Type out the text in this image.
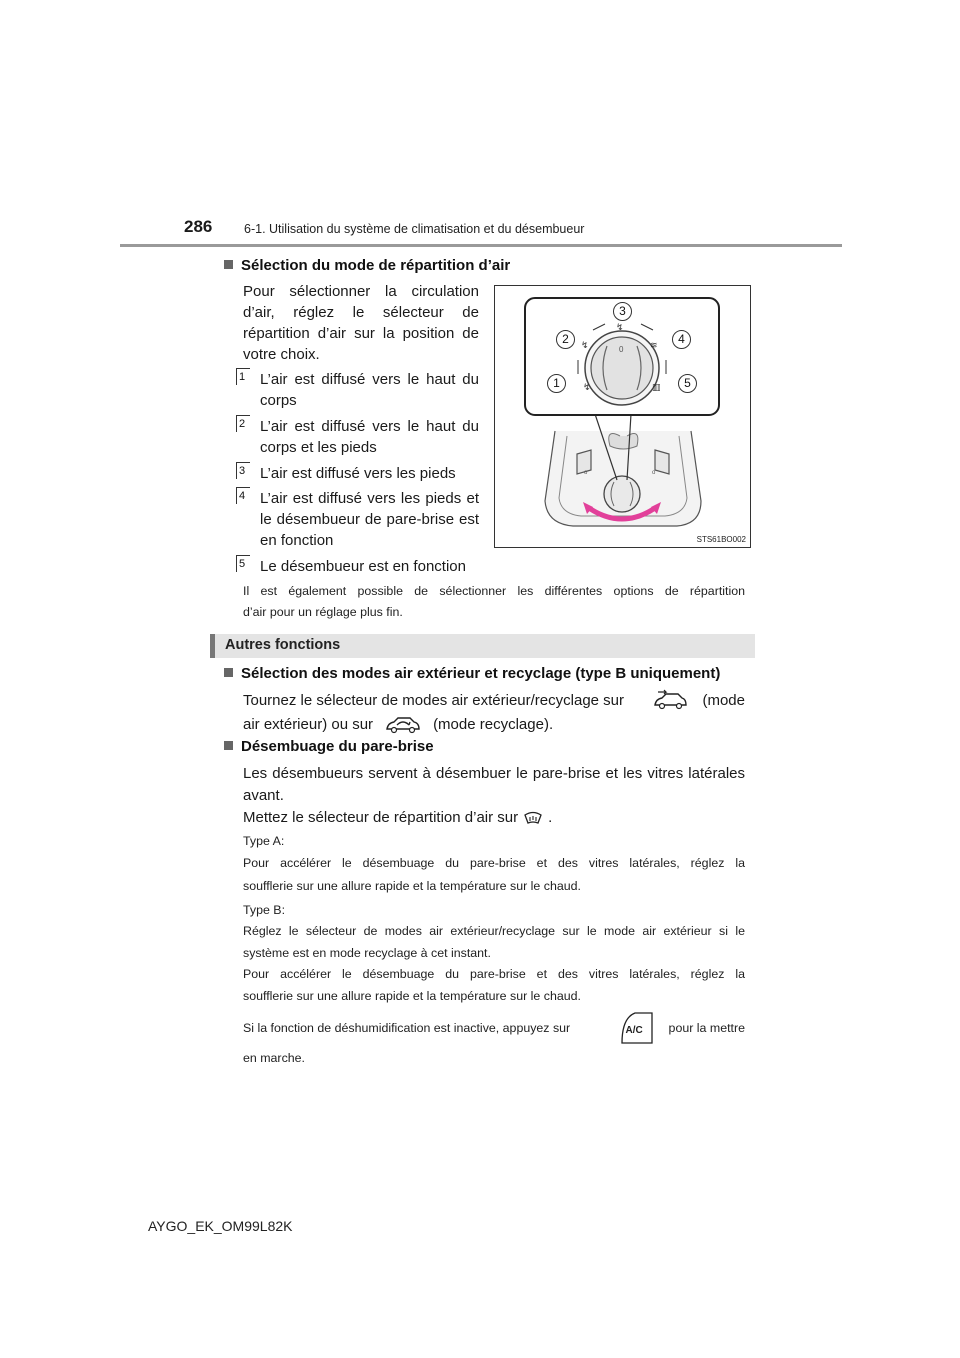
286	6-1. Utilisation du système de climatisation et du désembueur
Sélection du mode de répartition d’air
Pour sélectionner la circulation
d’air, réglez le sélecteur de
répartition d’air sur la position de
votre choix.
1 L’air est diffusé vers le haut du
corps
2 L’air est diffusé vers le haut du
corps et les pieds
3 L’air est diffusé vers les pieds
4 L’air est diffusé vers les pieds et
le désembueur de pare-brise est
en fonction
5 Le désembueur est en fonction
Il est également possible de sélectionner les différentes options de répartition
d’air pour un réglage plus fin.
o	o
0
↯
↯
≋
↯	▥
3
2	4
1	5
STS61BO002
Autres fonctions
Sélection des modes air extérieur et recyclage (type B uniquement)
Tournez le sélecteur de modes air extérieur/recyclage sur	(mode
air extérieur) ou sur	(mode recyclage).
Désembuage du pare-brise
Les désembueurs servent à désembuer le pare-brise et les vitres latérales
avant.
Mettez le sélecteur de répartition d’air sur .
Type A:
Pour accélérer le désembuage du pare-brise et des vitres latérales, réglez la
soufflerie sur une allure rapide et la température sur le chaud.
Type B:
Réglez le sélecteur de modes air extérieur/recyclage sur le mode air extérieur si le
système est en mode recyclage à cet instant.
Pour accélérer le désembuage du pare-brise et des vitres latérales, réglez la
soufflerie sur une allure rapide et la température sur le chaud.
Si la fonction de déshumidification est inactive, appuyez sur	A/C pour la mettre
en marche.
AYGO_EK_OM99L82K
